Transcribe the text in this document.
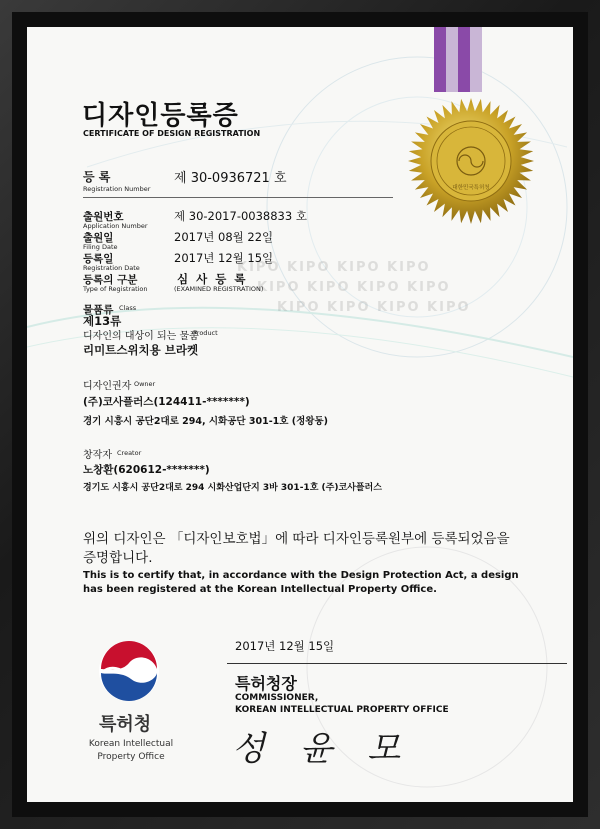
KIPO KIPO KIPO KIPO
KIPO KIPO KIPO KIPO
KIPO KIPO KIPO KIPO
대한민국특허청
디자인등록증
CERTIFICATE OF DESIGN REGISTRATION
등 록
Registration Number
제 30-0936721 호
출원번호
Application Number
제 30-2017-0038833 호
출원일
Filing Date
2017년 08월 22일
등록일
Registration Date
2017년 12월 15일
등록의 구분
Type of Registration
심 사 등 록
(EXAMINED REGISTRATION)
물품류 Class
제13류
디자인의 대상이 되는 물품
Product
리미트스위치용 브라켓
디자인권자 Owner
(주)코사플러스(124411-*******)
경기 시흥시 공단2대로 294, 시화공단 301-1호 (정왕동)
창작자 Creator
노창환(620612-*******)
경기도 시흥시 공단2대로 294 시화산업단지 3바 301-1호 (주)코사플러스
위의 디자인은 「디자인보호법」에 따라 디자인등록원부에 등록되었음을
증명합니다.
This is to certify that, in accordance with the Design Protection Act, a design
has been registered at the Korean Intellectual Property Office.
2017년 12월 15일
특허청장
COMMISSIONER,
KOREAN INTELLECTUAL PROPERTY OFFICE
성 윤 모
특허청
Korean Intellectual
Property Office
